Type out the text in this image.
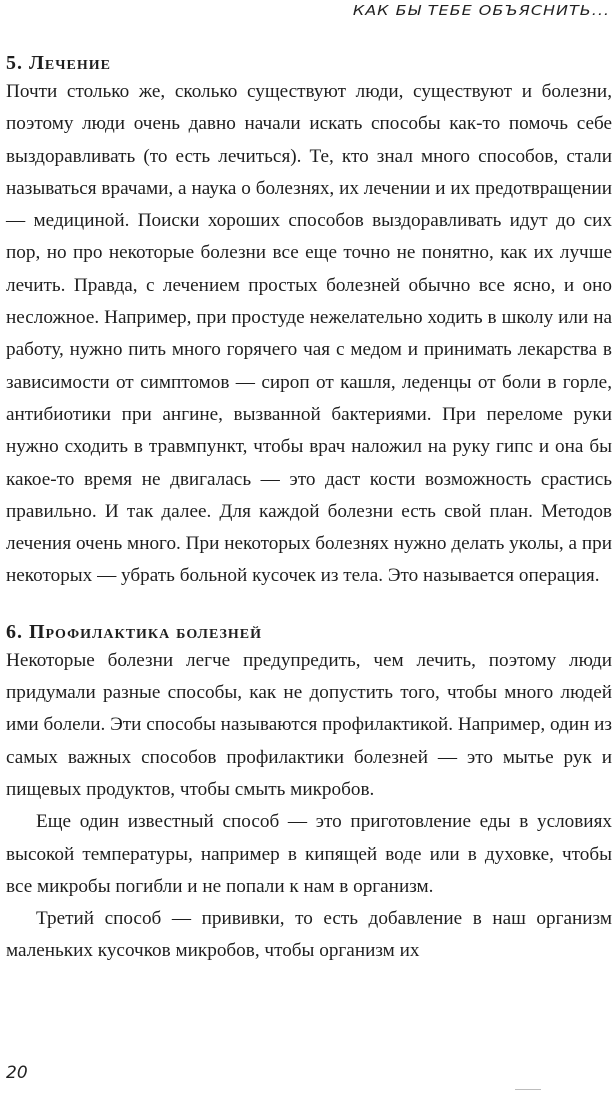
КАК БЫ ТЕБЕ ОБЪЯСНИТЬ...
5. Лечение

Почти столько же, сколько существуют люди, существуют и болезни, поэтому люди очень давно начали искать способы как-то помочь себе выздоравливать (то есть лечиться). Те, кто знал много способов, стали называться врачами, а наука о болезнях, их лечении и их предотвращении — медициной. Поиски хороших способов выздоравливать идут до сих пор, но про некоторые болезни все еще точно не понятно, как их лучше лечить. Правда, с лечением простых болезней обычно все ясно, и оно несложное. Например, при простуде нежелательно ходить в школу или на работу, нужно пить много горячего чая с медом и принимать лекарства в зависимости от симптомов — сироп от кашля, леденцы от боли в горле, антибиотики при ангине, вызванной бактериями. При переломе руки нужно сходить в травмпункт, чтобы врач наложил на руку гипс и она бы какое-то время не двигалась — это даст кости возможность срастись правильно. И так далее. Для каждой болезни есть свой план. Методов лечения очень много. При некоторых болезнях нужно делать уколы, а при некоторых — убрать больной кусочек из тела. Это называется операция.

6. Профилактика болезней

Некоторые болезни легче предупредить, чем лечить, поэтому люди придумали разные способы, как не допустить того, чтобы много людей ими болели. Эти способы называются профилактикой. Например, один из самых важных способов профилактики болезней — это мытье рук и пищевых продуктов, чтобы смыть микробов.

Еще один известный способ — это приготовление еды в условиях высокой температуры, например в кипящей воде или в духовке, чтобы все микробы погибли и не попали к нам в организм.

Третий способ — прививки, то есть добавление в наш организм маленьких кусочков микробов, чтобы организм их

20
